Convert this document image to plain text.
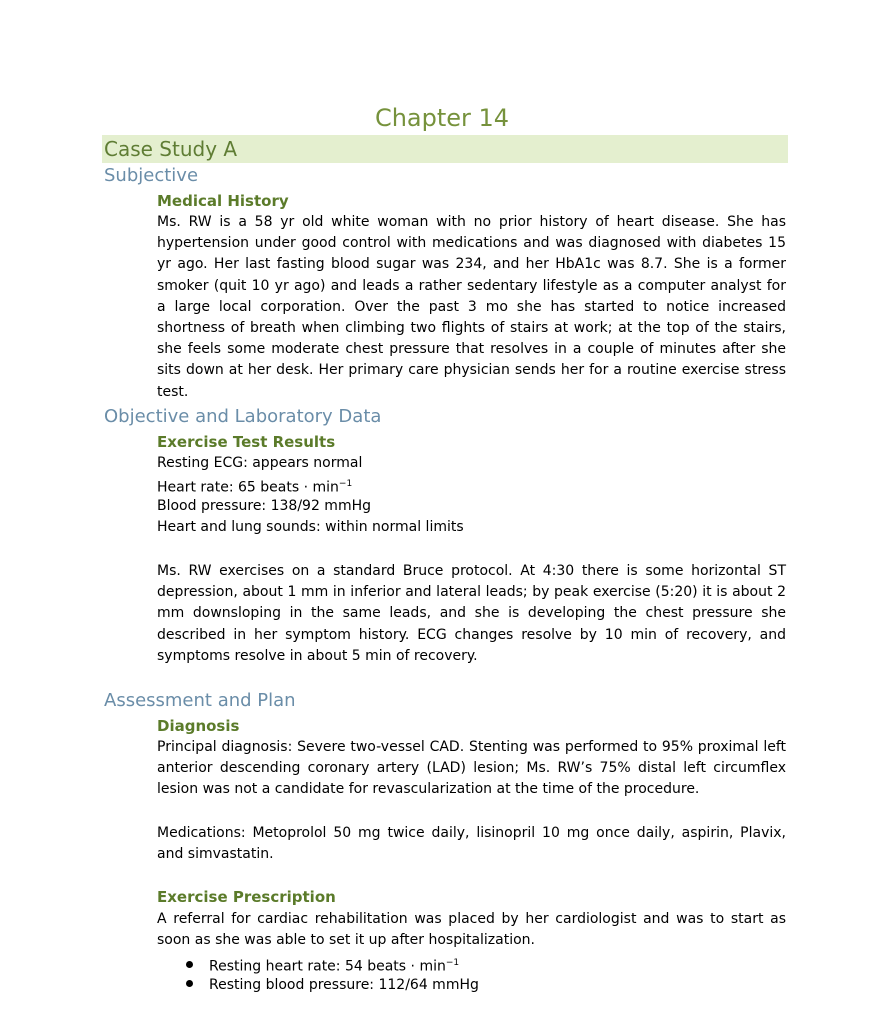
Chapter 14
Case Study A
Subjective
Medical History
Ms. RW is a 58 yr old white woman with no prior history of heart disease. She has hypertension under good control with medications and was diagnosed with diabetes 15 yr ago. Her last fasting blood sugar was 234, and her HbA1c was 8.7. She is a former smoker (quit 10 yr ago) and leads a rather sedentary lifestyle as a computer analyst for a large local corporation. Over the past 3 mo she has started to notice increased shortness of breath when climbing two flights of stairs at work; at the top of the stairs, she feels some moderate chest pressure that resolves in a couple of minutes after she sits down at her desk. Her primary care physician sends her for a routine exercise stress test.
Objective and Laboratory Data
Exercise Test Results
Resting ECG: appears normal
Heart rate: 65 beats · $\min^{-1}$
Blood pressure: 138/92 mmHg
Heart and lung sounds: within normal limits
Ms. RW exercises on a standard Bruce protocol. At 4:30 there is some horizontal ST depression, about 1 mm in inferior and lateral leads; by peak exercise (5:20) it is about 2 mm downsloping in the same leads, and she is developing the chest pressure she described in her symptom history. ECG changes resolve by 10 min of recovery, and symptoms resolve in about 5 min of recovery.
Assessment and Plan
Diagnosis
Principal diagnosis: Severe two-vessel CAD. Stenting was performed to 95% proximal left anterior descending coronary artery (LAD) lesion; Ms. RW’s 75% distal left circumflex lesion was not a candidate for revascularization at the time of the procedure.
Medications: Metoprolol 50 mg twice daily, lisinopril 10 mg once daily, aspirin, Plavix, and simvastatin.
Exercise Prescription
A referral for cardiac rehabilitation was placed by her cardiologist and was to start as soon as she was able to set it up after hospitalization.
Resting heart rate: 54 beats · $\min^{-1}$
Resting blood pressure: 112/64 mmHg
